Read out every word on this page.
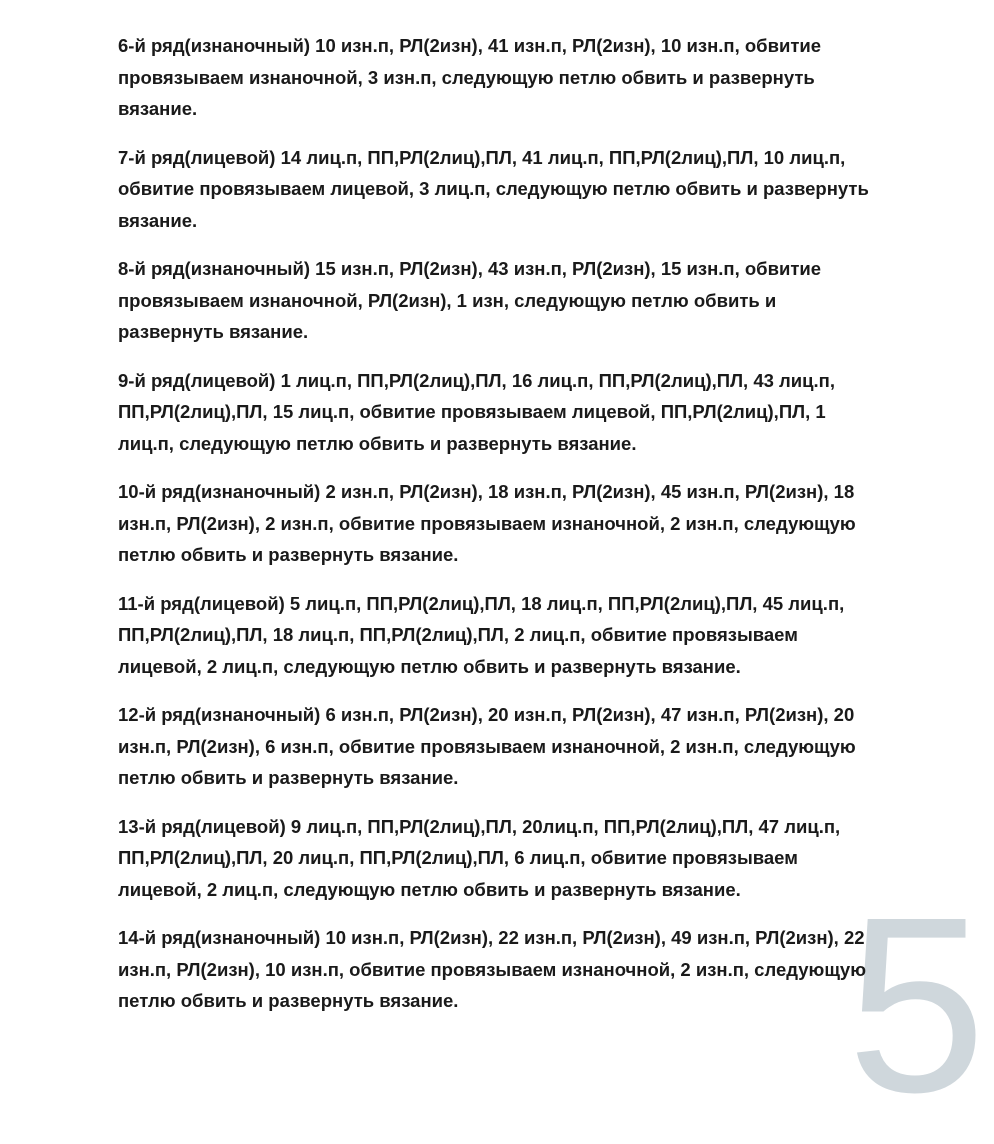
5

6-й ряд(изнаночный) 10 изн.п, РЛ(2изн), 41 изн.п, РЛ(2изн), 10 изн.п, обвитие провязываем изнаночной, 3 изн.п, следующую петлю обвить и развернуть вязание.

7-й ряд(лицевой) 14 лиц.п, ПП,РЛ(2лиц),ПЛ, 41 лиц.п, ПП,РЛ(2лиц),ПЛ, 10 лиц.п, обвитие провязываем лицевой, 3 лиц.п, следующую петлю обвить и развернуть вязание.

8-й ряд(изнаночный) 15 изн.п, РЛ(2изн), 43 изн.п, РЛ(2изн), 15 изн.п, обвитие провязываем изнаночной, РЛ(2изн), 1 изн, следующую петлю обвить и развернуть вязание.

9-й ряд(лицевой) 1 лиц.п, ПП,РЛ(2лиц),ПЛ, 16 лиц.п, ПП,РЛ(2лиц),ПЛ, 43 лиц.п, ПП,РЛ(2лиц),ПЛ, 15 лиц.п, обвитие провязываем лицевой, ПП,РЛ(2лиц),ПЛ, 1 лиц.п, следующую петлю обвить и развернуть вязание.

10-й ряд(изнаночный) 2 изн.п, РЛ(2изн), 18 изн.п, РЛ(2изн), 45 изн.п, РЛ(2изн), 18 изн.п, РЛ(2изн), 2 изн.п, обвитие провязываем изнаночной, 2 изн.п, следующую петлю обвить и развернуть вязание.

11-й ряд(лицевой) 5 лиц.п, ПП,РЛ(2лиц),ПЛ, 18 лиц.п, ПП,РЛ(2лиц),ПЛ, 45 лиц.п, ПП,РЛ(2лиц),ПЛ, 18 лиц.п, ПП,РЛ(2лиц),ПЛ, 2 лиц.п, обвитие провязываем лицевой, 2 лиц.п, следующую петлю обвить и развернуть вязание.

12-й ряд(изнаночный) 6 изн.п, РЛ(2изн), 20 изн.п, РЛ(2изн), 47 изн.п, РЛ(2изн), 20 изн.п, РЛ(2изн), 6 изн.п, обвитие провязываем изнаночной, 2 изн.п, следующую петлю обвить и развернуть вязание.

13-й ряд(лицевой) 9 лиц.п, ПП,РЛ(2лиц),ПЛ, 20лиц.п, ПП,РЛ(2лиц),ПЛ, 47 лиц.п, ПП,РЛ(2лиц),ПЛ, 20 лиц.п, ПП,РЛ(2лиц),ПЛ, 6 лиц.п, обвитие провязываем лицевой, 2 лиц.п, следующую петлю обвить и развернуть вязание.

14-й ряд(изнаночный) 10 изн.п, РЛ(2изн), 22 изн.п, РЛ(2изн), 49 изн.п, РЛ(2изн), 22 изн.п, РЛ(2изн), 10 изн.п, обвитие провязываем изнаночной, 2 изн.п, следующую петлю обвить и развернуть вязание.
